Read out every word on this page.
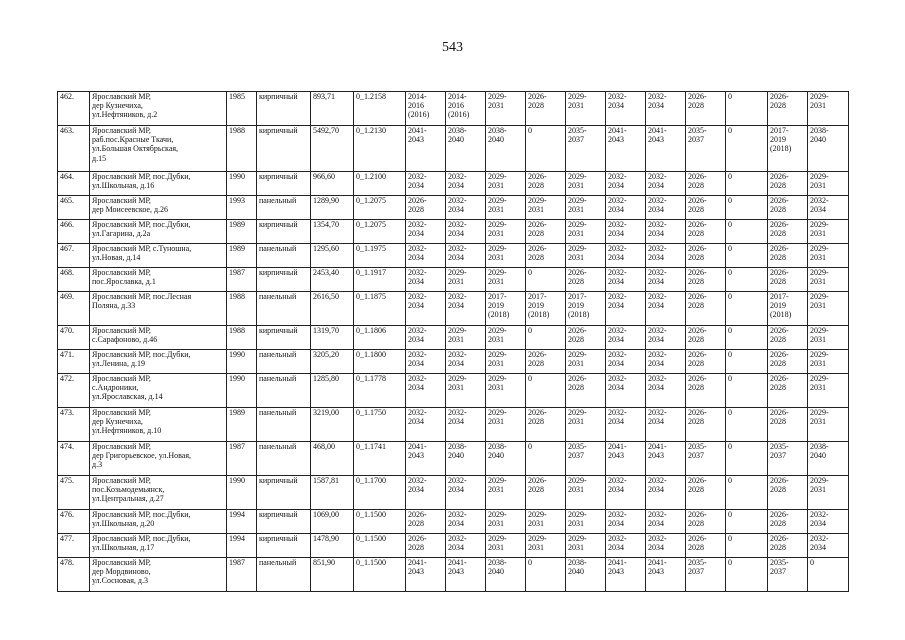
543
462.	Ярославский МР,
дер Кузнечиха,
ул.Нефтяников, д.2	1985	кирпичный	893,71	0_1.2158	2014-
2016
(2016)	2014-
2016
(2016)	2029-
2031	2026-
2028	2029-
2031	2032-
2034	2032-
2034	2026-
2028	0	2026-
2028	2029-
2031
463.	Ярославский МР,
раб.пос.Красные Ткачи,
ул.Большая Октябрьская,
д.15	1988	кирпичный	5492,70	0_1.2130	2041-
2043	2038-
2040	2038-
2040	0	2035-
2037	2041-
2043	2041-
2043	2035-
2037	0	2017-
2019
(2018)	2038-
2040
464.	Ярославский МР, пос.Дубки,
ул.Школьная, д.16	1990	кирпичный	966,60	0_1.2100	2032-
2034	2032-
2034	2029-
2031	2026-
2028	2029-
2031	2032-
2034	2032-
2034	2026-
2028	0	2026-
2028	2029-
2031
465.	Ярославский МР,
дер Моисеевское, д.26	1993	панельный	1289,90	0_1.2075	2026-
2028	2032-
2034	2029-
2031	2029-
2031	2029-
2031	2032-
2034	2032-
2034	2026-
2028	0	2026-
2028	2032-
2034
466.	Ярославский МР, пос.Дубки,
ул.Гагарина, д.2а	1989	кирпичный	1354,70	0_1.2075	2032-
2034	2032-
2034	2029-
2031	2026-
2028	2029-
2031	2032-
2034	2032-
2034	2026-
2028	0	2026-
2028	2029-
2031
467.	Ярославский МР, с.Туношна,
ул.Новая, д.14	1989	панельный	1295,60	0_1.1975	2032-
2034	2032-
2034	2029-
2031	2026-
2028	2029-
2031	2032-
2034	2032-
2034	2026-
2028	0	2026-
2028	2029-
2031
468.	Ярославский МР,
пос.Ярославка, д.1	1987	кирпичный	2453,40	0_1.1917	2032-
2034	2029-
2031	2029-
2031	0	2026-
2028	2032-
2034	2032-
2034	2026-
2028	0	2026-
2028	2029-
2031
469.	Ярославский МР, пос.Лесная
Поляна, д.33	1988	панельный	2616,50	0_1.1875	2032-
2034	2032-
2034	2017-
2019
(2018)	2017-
2019
(2018)	2017-
2019
(2018)	2032-
2034	2032-
2034	2026-
2028	0	2017-
2019
(2018)	2029-
2031
470.	Ярославский МР,
с.Сарафоново, д.46	1988	кирпичный	1319,70	0_1.1806	2032-
2034	2029-
2031	2029-
2031	0	2026-
2028	2032-
2034	2032-
2034	2026-
2028	0	2026-
2028	2029-
2031
471.	Ярославский МР, пос.Дубки,
ул.Ленина, д.19	1990	панельный	3205,20	0_1.1800	2032-
2034	2032-
2034	2029-
2031	2026-
2028	2029-
2031	2032-
2034	2032-
2034	2026-
2028	0	2026-
2028	2029-
2031
472.	Ярославский МР,
с.Андроники,
ул.Ярославская, д.14	1990	панельный	1285,80	0_1.1778	2032-
2034	2029-
2031	2029-
2031	0	2026-
2028	2032-
2034	2032-
2034	2026-
2028	0	2026-
2028	2029-
2031
473.	Ярославский МР,
дер Кузнечиха,
ул.Нефтяников, д.10	1989	панельный	3219,00	0_1.1750	2032-
2034	2032-
2034	2029-
2031	2026-
2028	2029-
2031	2032-
2034	2032-
2034	2026-
2028	0	2026-
2028	2029-
2031
474.	Ярославский МР,
дер Григорьевское, ул.Новая,
д.3	1987	панельный	468,00	0_1.1741	2041-
2043	2038-
2040	2038-
2040	0	2035-
2037	2041-
2043	2041-
2043	2035-
2037	0	2035-
2037	2038-
2040
475.	Ярославский МР,
пос.Козьмодемьянск,
ул.Центральная, д.27	1990	кирпичный	1587,81	0_1.1700	2032-
2034	2032-
2034	2029-
2031	2026-
2028	2029-
2031	2032-
2034	2032-
2034	2026-
2028	0	2026-
2028	2029-
2031
476.	Ярославский МР, пос.Дубки,
ул.Школьная, д.20	1994	кирпичный	1069,00	0_1.1500	2026-
2028	2032-
2034	2029-
2031	2029-
2031	2029-
2031	2032-
2034	2032-
2034	2026-
2028	0	2026-
2028	2032-
2034
477.	Ярославский МР, пос.Дубки,
ул.Школьная, д.17	1994	кирпичный	1478,90	0_1.1500	2026-
2028	2032-
2034	2029-
2031	2029-
2031	2029-
2031	2032-
2034	2032-
2034	2026-
2028	0	2026-
2028	2032-
2034
478.	Ярославский МР,
дер Мордвиново,
ул.Сосновая, д.3	1987	панельный	851,90	0_1.1500	2041-
2043	2041-
2043	2038-
2040	0	2038-
2040	2041-
2043	2041-
2043	2035-
2037	0	2035-
2037	0
